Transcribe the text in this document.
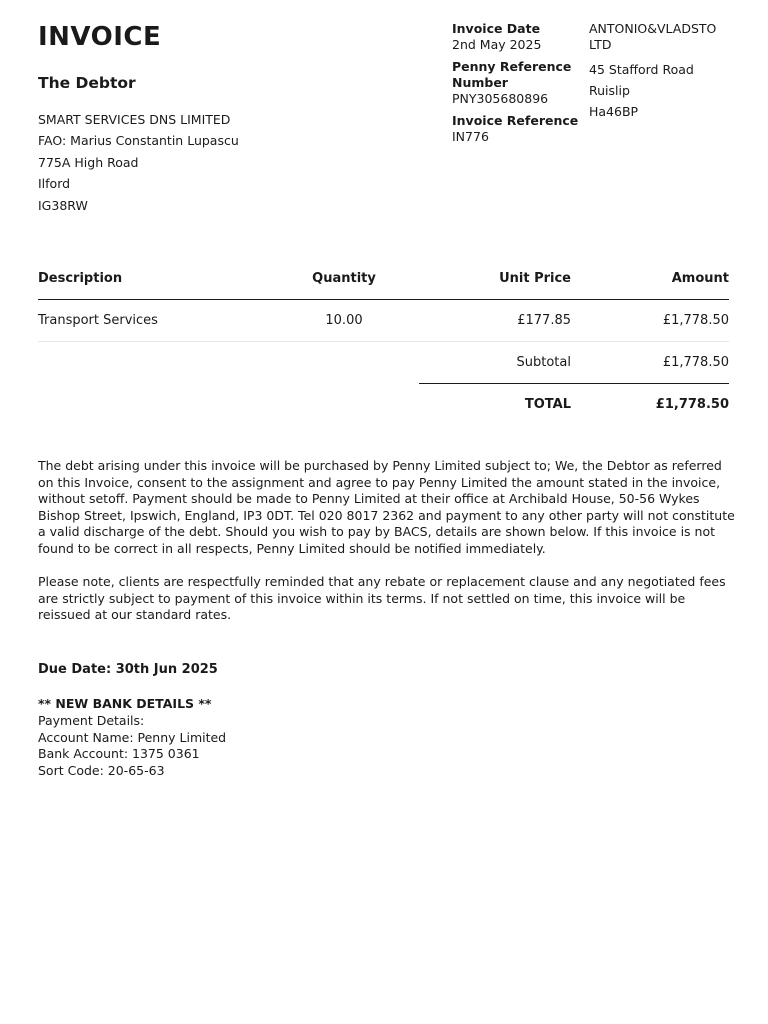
INVOICE
The Debtor
SMART SERVICES DNS LIMITED
FAO: Marius Constantin Lupascu
775A High Road
Ilford
IG38RW
Invoice Date
2nd May 2025
Penny Reference Number
PNY305680896
Invoice Reference
IN776
ANTONIO&VLADSTO LTD
45 Stafford Road
Ruislip
Ha46BP
Description	Quantity	Unit Price	Amount
Transport Services	10.00	£177.85	£1,778.50
Subtotal	£1,778.50
TOTAL	£1,778.50

The debt arising under this invoice will be purchased by Penny Limited subject to; We, the Debtor as referred on this Invoice, consent to the assignment and agree to pay Penny Limited the amount stated in the invoice, without setoff. Payment should be made to Penny Limited at their office at Archibald House, 50-56 Wykes Bishop Street, Ipswich, England, IP3 0DT. Tel 020 8017 2362 and payment to any other party will not constitute a valid discharge of the debt. Should you wish to pay by BACS, details are shown below. If this invoice is not found to be correct in all respects, Penny Limited should be notified immediately.

Please note, clients are respectfully reminded that any rebate or replacement clause and any negotiated fees are strictly subject to payment of this invoice within its terms. If not settled on time, this invoice will be reissued at our standard rates.

Due Date: 30th Jun 2025
** NEW BANK DETAILS **
Payment Details:
Account Name: Penny Limited
Bank Account: 1375 0361
Sort Code: 20-65-63
